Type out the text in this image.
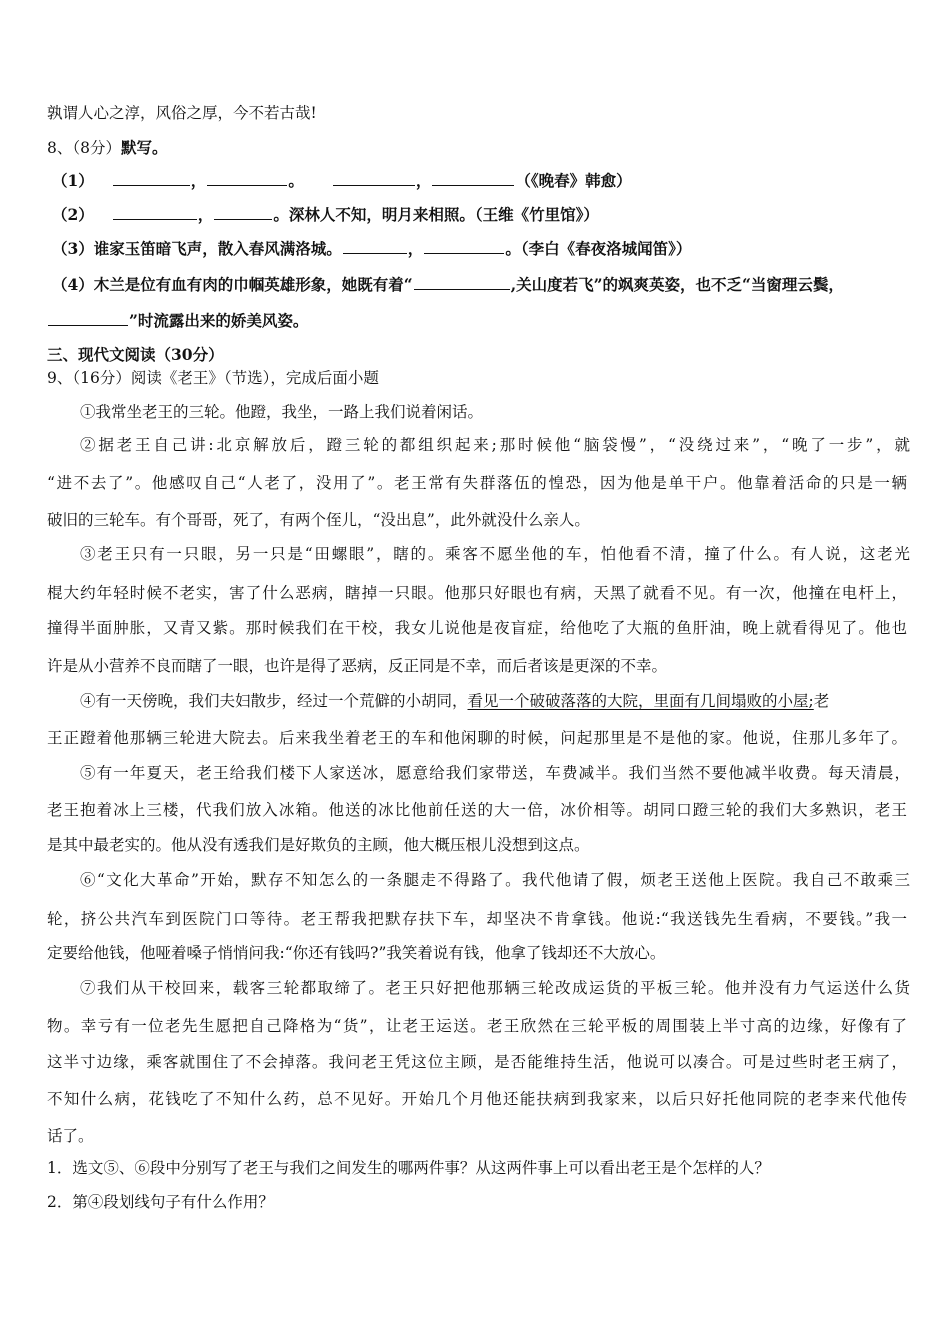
孰谓人心之淳，风俗之厚，今不若古哉!
8、（8分）默写。
（1）	，	。	，	（《晚春》韩愈）
（2）	，	。深林人不知，明月来相照。（王维《竹里馆》）
（3）谁家玉笛暗飞声，散入春风满洛城。	，	。（李白《春夜洛城闻笛》）
（4）木兰是位有血有肉的巾帼英雄形象，她既有着“	,关山度若飞”的飒爽英姿，也不乏“当窗理云鬓，
”时流露出来的娇美风姿。
三、现代文阅读（30分）
9、（16分）阅读《老王》（节选），完成后面小题
①我常坐老王的三轮。他蹬，我坐，一路上我们说着闲话。
②据老王自己讲:北京解放后，蹬三轮的都组织起来;那时候他“脑袋慢”，“没绕过来”，“晚了一步”，就
“进不去了”。他感叹自己“人老了，没用了”。老王常有失群落伍的惶恐，因为他是单干户。他靠着活命的只是一辆
破旧的三轮车。有个哥哥，死了，有两个侄儿，“没出息”，此外就没什么亲人。
③老王只有一只眼，另一只是“田螺眼”，瞎的。乘客不愿坐他的车，怕他看不清，撞了什么。有人说，这老光
棍大约年轻时候不老实，害了什么恶病，瞎掉一只眼。他那只好眼也有病，天黑了就看不见。有一次，他撞在电杆上，
撞得半面肿胀，又青又紫。那时候我们在干校，我女儿说他是夜盲症，给他吃了大瓶的鱼肝油，晚上就看得见了。他也
许是从小营养不良而瞎了一眼，也许是得了恶病，反正同是不幸，而后者该是更深的不幸。
④有一天傍晚，我们夫妇散步，经过一个荒僻的小胡同，看见一个破破落落的大院，里面有几间塌败的小屋;老
王正蹬着他那辆三轮进大院去。后来我坐着老王的车和他闲聊的时候，问起那里是不是他的家。他说，住那儿多年了。
⑤有一年夏天，老王给我们楼下人家送冰，愿意给我们家带送，车费减半。我们当然不要他减半收费。每天清晨，
老王抱着冰上三楼，代我们放入冰箱。他送的冰比他前任送的大一倍，冰价相等。胡同口蹬三轮的我们大多熟识，老王
是其中最老实的。他从没有透我们是好欺负的主顾，他大概压根儿没想到这点。
⑥“文化大革命”开始，默存不知怎么的一条腿走不得路了。我代他请了假，烦老王送他上医院。我自己不敢乘三
轮，挤公共汽车到医院门口等待。老王帮我把默存扶下车，却坚决不肯拿钱。他说:“我送钱先生看病，不要钱。”我一
定要给他钱，他哑着嗓子悄悄问我:“你还有钱吗?”我笑着说有钱，他拿了钱却还不大放心。
⑦我们从干校回来，载客三轮都取缔了。老王只好把他那辆三轮改成运货的平板三轮。他并没有力气运送什么货
物。幸亏有一位老先生愿把自己降格为“货”，让老王运送。老王欣然在三轮平板的周围装上半寸高的边缘，好像有了
这半寸边缘，乘客就围住了不会掉落。我问老王凭这位主顾，是否能维持生活，他说可以凑合。可是过些时老王病了，
不知什么病，花钱吃了不知什么药，总不见好。开始几个月他还能扶病到我家来，以后只好托他同院的老李来代他传
话了。
1．选文⑤、⑥段中分别写了老王与我们之间发生的哪两件事？从这两件事上可以看出老王是个怎样的人？
2．第④段划线句子有什么作用？
